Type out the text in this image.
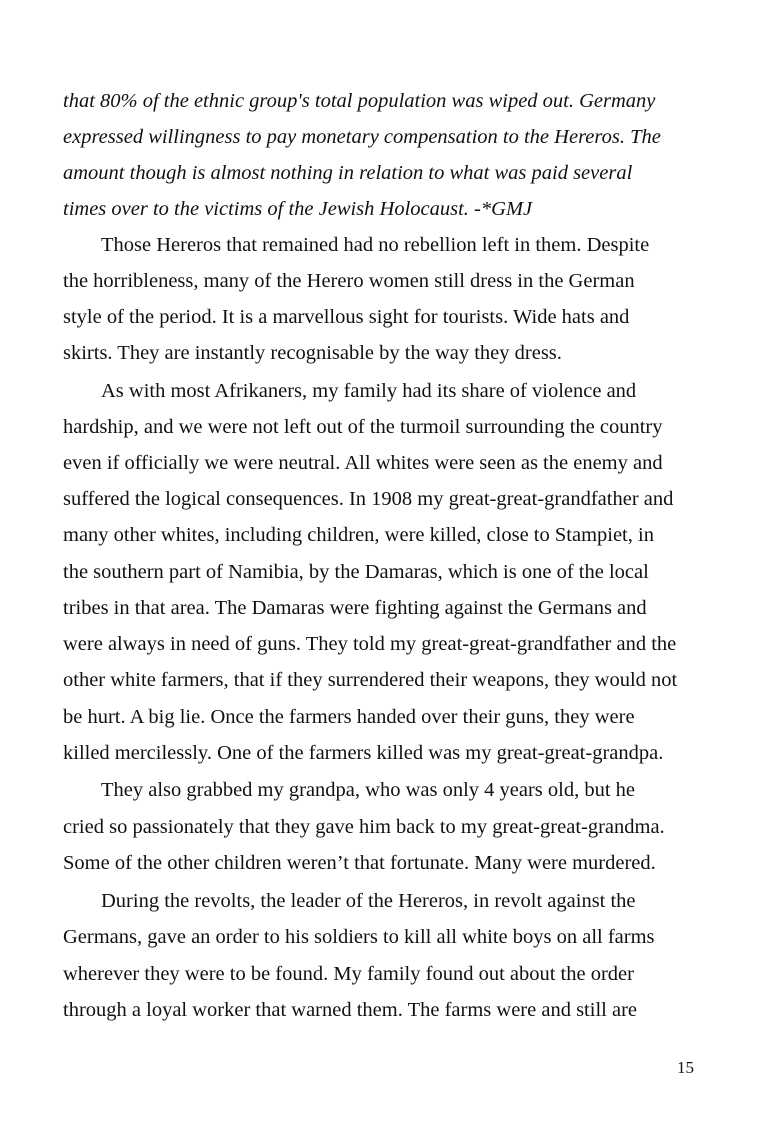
that 80% of the ethnic group's total population was wiped out. Germany
expressed willingness to pay monetary compensation to the Hereros. The
amount though is almost nothing in relation to what was paid several
times over to the victims of the Jewish Holocaust. -*GMJ
Those Hereros that remained had no rebellion left in them. Despite
the horribleness, many of the Herero women still dress in the German
style of the period. It is a marvellous sight for tourists. Wide hats and
skirts. They are instantly recognisable by the way they dress.
As with most Afrikaners, my family had its share of violence and
hardship, and we were not left out of the turmoil surrounding the country
even if officially we were neutral. All whites were seen as the enemy and
suffered the logical consequences. In 1908 my great-great-grandfather and
many other whites, including children, were killed, close to Stampiet, in
the southern part of Namibia, by the Damaras, which is one of the local
tribes in that area. The Damaras were fighting against the Germans and
were always in need of guns. They told my great-great-grandfather and the
other white farmers, that if they surrendered their weapons, they would not
be hurt. A big lie. Once the farmers handed over their guns, they were
killed mercilessly. One of the farmers killed was my great-great-grandpa.
They also grabbed my grandpa, who was only 4 years old, but he
cried so passionately that they gave him back to my great-great-grandma.
Some of the other children weren’t that fortunate. Many were murdered.
During the revolts, the leader of the Hereros, in revolt against the
Germans, gave an order to his soldiers to kill all white boys on all farms
wherever they were to be found. My family found out about the order
through a loyal worker that warned them. The farms were and still are
15
